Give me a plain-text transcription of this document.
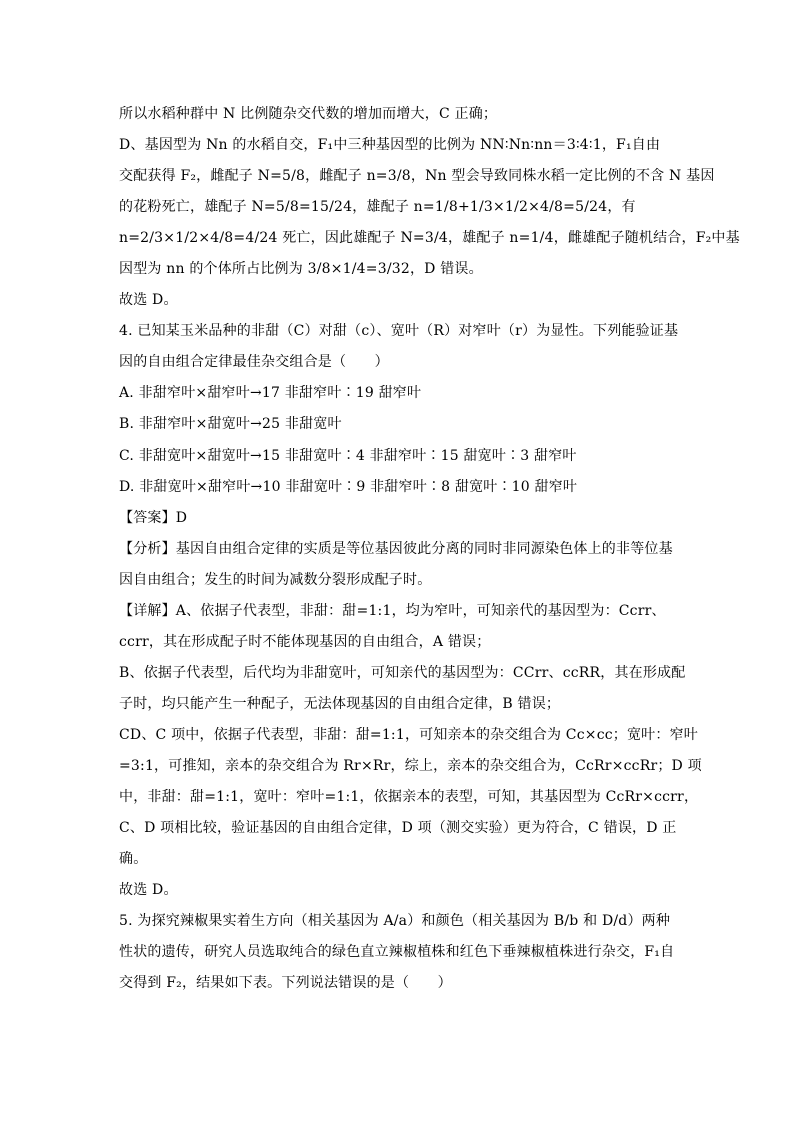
所以水稻种群中 N 比例随杂交代数的增加而增大，C 正确；
D、基因型为 Nn 的水稻自交，F₁中三种基因型的比例为 NN∶Nn∶nn＝3∶4∶1，F₁自由
交配获得 F₂，雌配子 N=5/8，雌配子 n=3/8，Nn 型会导致同株水稻一定比例的不含 N 基因
的花粉死亡，雄配子 N=5/8=15/24，雄配子 n=1/8+1/3×1/2×4/8=5/24，有
n=2/3×1/2×4/8=4/24 死亡，因此雄配子 N=3/4，雄配子 n=1/4，雌雄配子随机结合，F₂中基
因型为 nn 的个体所占比例为 3/8×1/4=3/32，D 错误。
故选 D。
4. 已知某玉米品种的非甜（C）对甜（c）、宽叶（R）对窄叶（r）为显性。下列能验证基
因的自由组合定律最佳杂交组合是（　　）
A. 非甜窄叶×甜窄叶→17 非甜窄叶∶19 甜窄叶
B. 非甜窄叶×甜宽叶→25 非甜宽叶
C. 非甜宽叶×甜宽叶→15 非甜宽叶∶4 非甜窄叶∶15 甜宽叶∶3 甜窄叶
D. 非甜宽叶×甜窄叶→10 非甜宽叶∶9 非甜窄叶∶8 甜宽叶∶10 甜窄叶
【答案】D
【分析】基因自由组合定律的实质是等位基因彼此分离的同时非同源染色体上的非等位基
因自由组合；发生的时间为减数分裂形成配子时。
【详解】A、依据子代表型，非甜：甜=1:1，均为窄叶，可知亲代的基因型为：Ccrr、
ccrr，其在形成配子时不能体现基因的自由组合，A 错误；
B、依据子代表型，后代均为非甜宽叶，可知亲代的基因型为：CCrr、ccRR，其在形成配
子时，均只能产生一种配子，无法体现基因的自由组合定律，B 错误；
CD、C 项中，依据子代表型，非甜：甜=1:1，可知亲本的杂交组合为 Cc×cc；宽叶：窄叶
=3:1，可推知，亲本的杂交组合为 Rr×Rr，综上，亲本的杂交组合为，CcRr×ccRr；D 项
中，非甜：甜=1:1，宽叶：窄叶=1:1，依据亲本的表型，可知，其基因型为 CcRr×ccrr，
C、D 项相比较，验证基因的自由组合定律，D 项（测交实验）更为符合，C 错误，D 正
确。
故选 D。
5. 为探究辣椒果实着生方向（相关基因为 A/a）和颜色（相关基因为 B/b 和 D/d）两种
性状的遗传，研究人员选取纯合的绿色直立辣椒植株和红色下垂辣椒植株进行杂交，F₁自
交得到 F₂，结果如下表。下列说法错误的是（　　）
